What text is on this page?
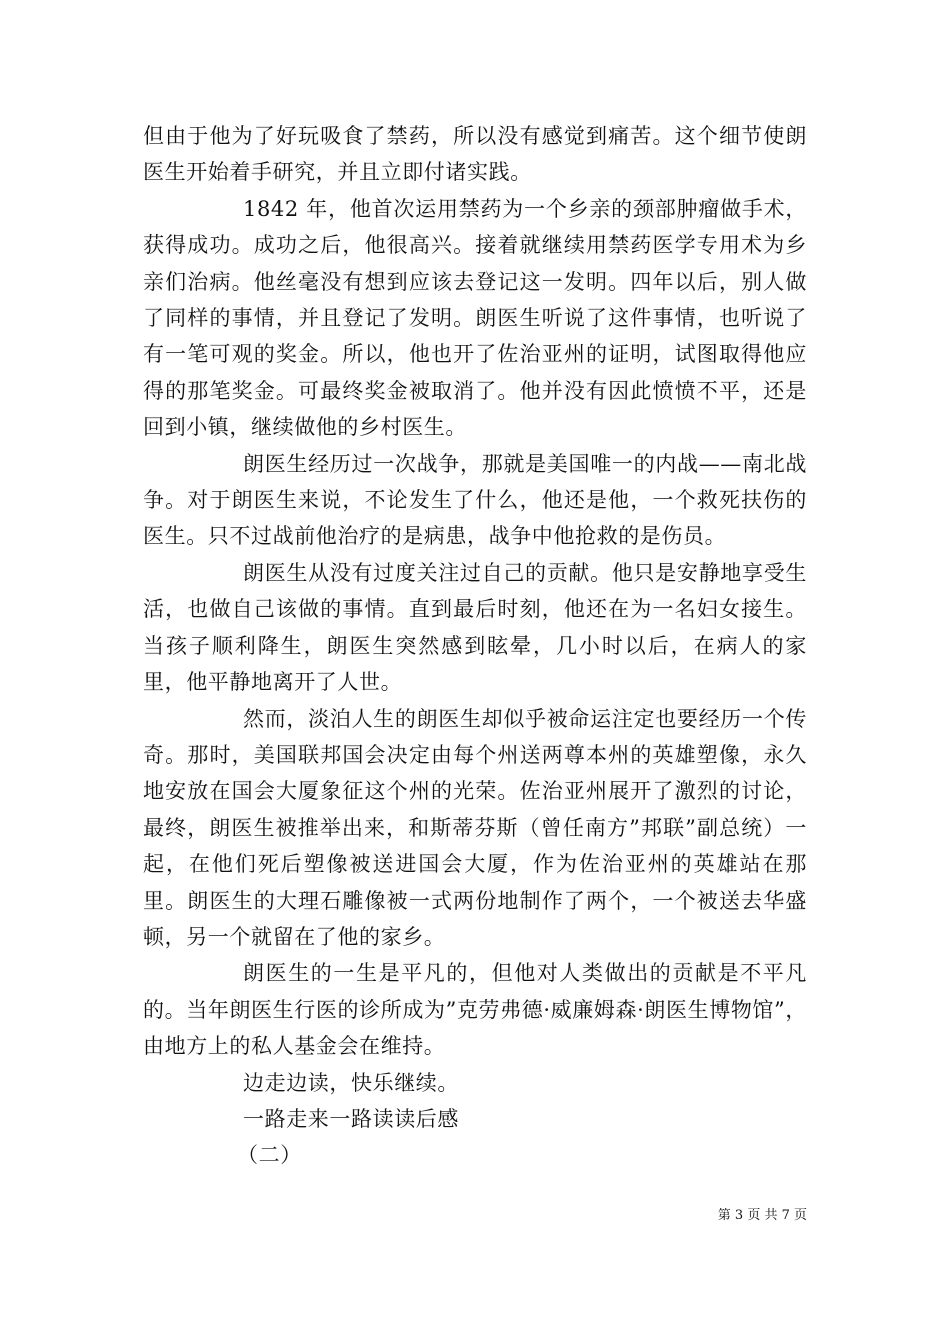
但由于他为了好玩吸食了禁药，所以没有感觉到痛苦。这个细节使朗医生开始着手研究，并且立即付诸实践。

1842 年，他首次运用禁药为一个乡亲的颈部肿瘤做手术，获得成功。成功之后，他很高兴。接着就继续用禁药医学专用术为乡亲们治病。他丝毫没有想到应该去登记这一发明。四年以后，别人做了同样的事情，并且登记了发明。朗医生听说了这件事情，也听说了有一笔可观的奖金。所以，他也开了佐治亚州的证明，试图取得他应得的那笔奖金。可最终奖金被取消了。他并没有因此愤愤不平，还是回到小镇，继续做他的乡村医生。

朗医生经历过一次战争，那就是美国唯一的内战——南北战争。对于朗医生来说，不论发生了什么，他还是他，一个救死扶伤的医生。只不过战前他治疗的是病患，战争中他抢救的是伤员。

朗医生从没有过度关注过自己的贡献。他只是安静地享受生活，也做自己该做的事情。直到最后时刻，他还在为一名妇女接生。当孩子顺利降生，朗医生突然感到眩晕，几小时以后，在病人的家里，他平静地离开了人世。

然而，淡泊人生的朗医生却似乎被命运注定也要经历一个传奇。那时，美国联邦国会决定由每个州送两尊本州的英雄塑像，永久地安放在国会大厦象征这个州的光荣。佐治亚州展开了激烈的讨论，最终，朗医生被推举出来，和斯蒂芬斯（曾任南方”邦联”副总统）一起，在他们死后塑像被送进国会大厦，作为佐治亚州的英雄站在那里。朗医生的大理石雕像被一式两份地制作了两个，一个被送去华盛顿，另一个就留在了他的家乡。

朗医生的一生是平凡的，但他对人类做出的贡献是不平凡的。当年朗医生行医的诊所成为”克劳弗德·威廉姆森·朗医生博物馆”，由地方上的私人基金会在维持。

边走边读，快乐继续。

一路走来一路读读后感

（二）

第 3 页 共 7 页
